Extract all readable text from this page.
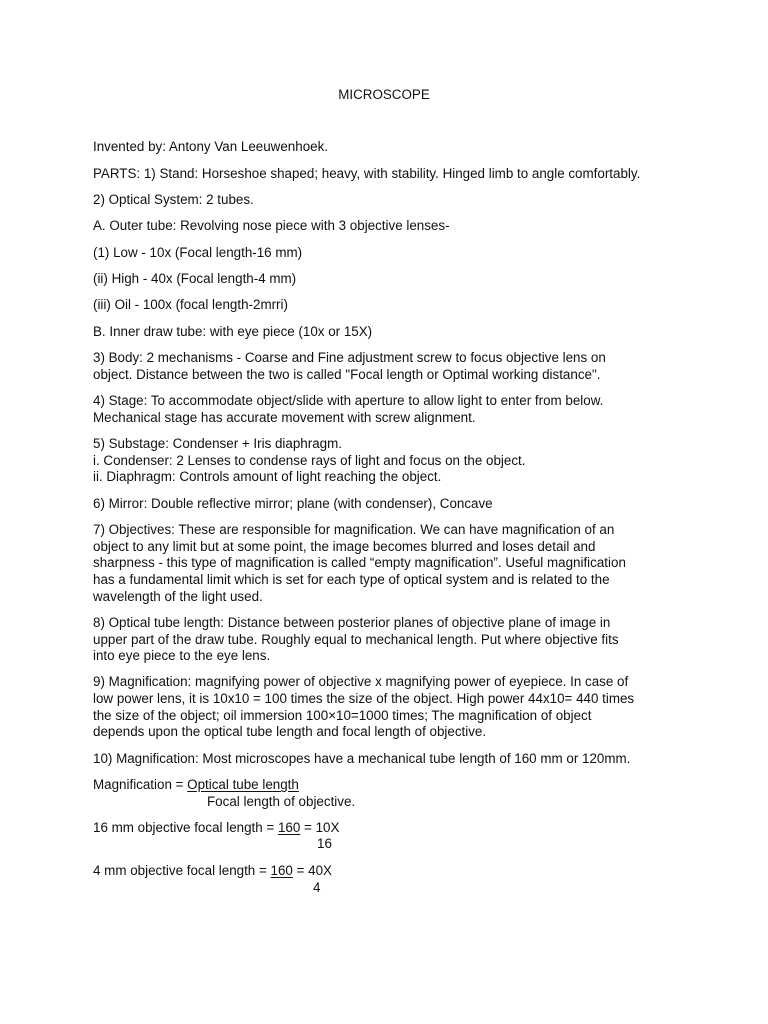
MICROSCOPE
Invented by: Antony Van Leeuwenhoek.
PARTS: 1) Stand: Horseshoe shaped; heavy, with stability. Hinged limb to angle comfortably.
2) Optical System: 2 tubes.
A. Outer tube: Revolving nose piece with 3 objective lenses-
(1) Low - 10x (Focal length-16 mm)
(ii) High - 40x (Focal length-4 mm)
(iii) Oil - 100x (focal length-2mrri)
B. Inner draw tube: with eye piece (10x or 15X)
3) Body: 2 mechanisms - Coarse and Fine adjustment screw to focus objective lens on
object. Distance between the two is called "Focal length or Optimal working distance".
4) Stage: To accommodate object/slide with aperture to allow light to enter from below.
Mechanical stage has accurate movement with screw alignment.
5) Substage: Condenser + Iris diaphragm.
i. Condenser: 2 Lenses to condense rays of light and focus on the object.
ii. Diaphragm: Controls amount of light reaching the object.
6) Mirror: Double reflective mirror; plane (with condenser), Concave
7) Objectives: These are responsible for magnification. We can have magnification of an
object to any limit but at some point, the image becomes blurred and loses detail and
sharpness - this type of magnification is called “empty magnification”. Useful magnification
has a fundamental limit which is set for each type of optical system and is related to the
wavelength of the light used.
8) Optical tube length: Distance between posterior planes of objective plane of image in
upper part of the draw tube. Roughly equal to mechanical length. Put where objective fits
into eye piece to the eye lens.
9) Magnification: magnifying power of objective x magnifying power of eyepiece. In case of
low power lens, it is 10x10 = 100 times the size of the object. High power 44x10= 440 times
the size of the object; oil immersion 100×10=1000 times; The magnification of object
depends upon the optical tube length and focal length of objective.
10) Magnification: Most microscopes have a mechanical tube length of 160 mm or 120mm.
Magnification = Optical tube length
Focal length of objective.
16 mm objective focal length = 160 = 10X
16
4 mm objective focal length = 160 = 40X
4
